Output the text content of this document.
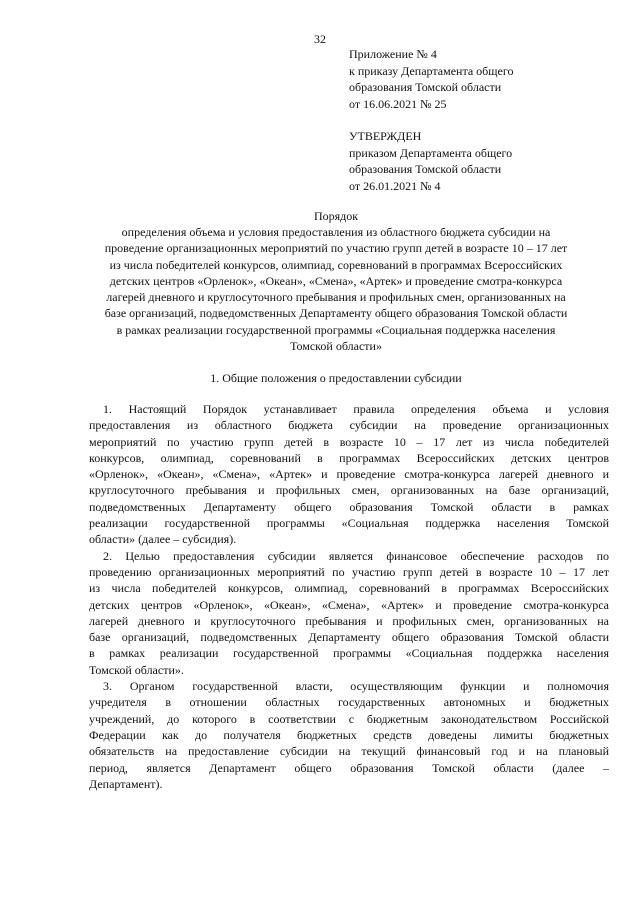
32
Приложение № 4
к приказу Департамента общего
образования Томской области
от 16.06.2021 № 25
УТВЕРЖДЕН
приказом Департамента общего
образования Томской области
от 26.01.2021 № 4
Порядок
определения объема и условия предоставления из областного бюджета субсидии на
проведение организационных мероприятий по участию групп детей в возрасте 10 – 17 лет
из числа победителей конкурсов, олимпиад, соревнований в программах Всероссийских
детских центров «Орленок», «Океан», «Смена», «Артек» и проведение смотра-конкурса
лагерей дневного и круглосуточного пребывания и профильных смен, организованных на
базе организаций, подведомственных Департаменту общего образования Томской области
в рамках реализации государственной программы «Социальная поддержка населения
Томской области»
1. Общие положения о предоставлении субсидии
1. Настоящий Порядок устанавливает правила определения объема и условия
предоставления из областного бюджета субсидии на проведение организационных
мероприятий по участию групп детей в возрасте 10 – 17 лет из числа победителей
конкурсов, олимпиад, соревнований в программах Всероссийских детских центров
«Орленок», «Океан», «Смена», «Артек» и проведение смотра-конкурса лагерей дневного и
круглосуточного пребывания и профильных смен, организованных на базе организаций,
подведомственных Департаменту общего образования Томской области в рамках
реализации государственной программы «Социальная поддержка населения Томской
области» (далее – субсидия).
2. Целью предоставления субсидии является финансовое обеспечение расходов по
проведению организационных мероприятий по участию групп детей в возрасте 10 – 17 лет
из числа победителей конкурсов, олимпиад, соревнований в программах Всероссийских
детских центров «Орленок», «Океан», «Смена», «Артек» и проведение смотра-конкурса
лагерей дневного и круглосуточного пребывания и профильных смен, организованных на
базе организаций, подведомственных Департаменту общего образования Томской области
в рамках реализации государственной программы «Социальная поддержка населения
Томской области».
3. Органом государственной власти, осуществляющим функции и полномочия
учредителя в отношении областных государственных автономных и бюджетных
учреждений, до которого в соответствии с бюджетным законодательством Российской
Федерации как до получателя бюджетных средств доведены лимиты бюджетных
обязательств на предоставление субсидии на текущий финансовый год и на плановый
период, является Департамент общего образования Томской области (далее –
Департамент).
